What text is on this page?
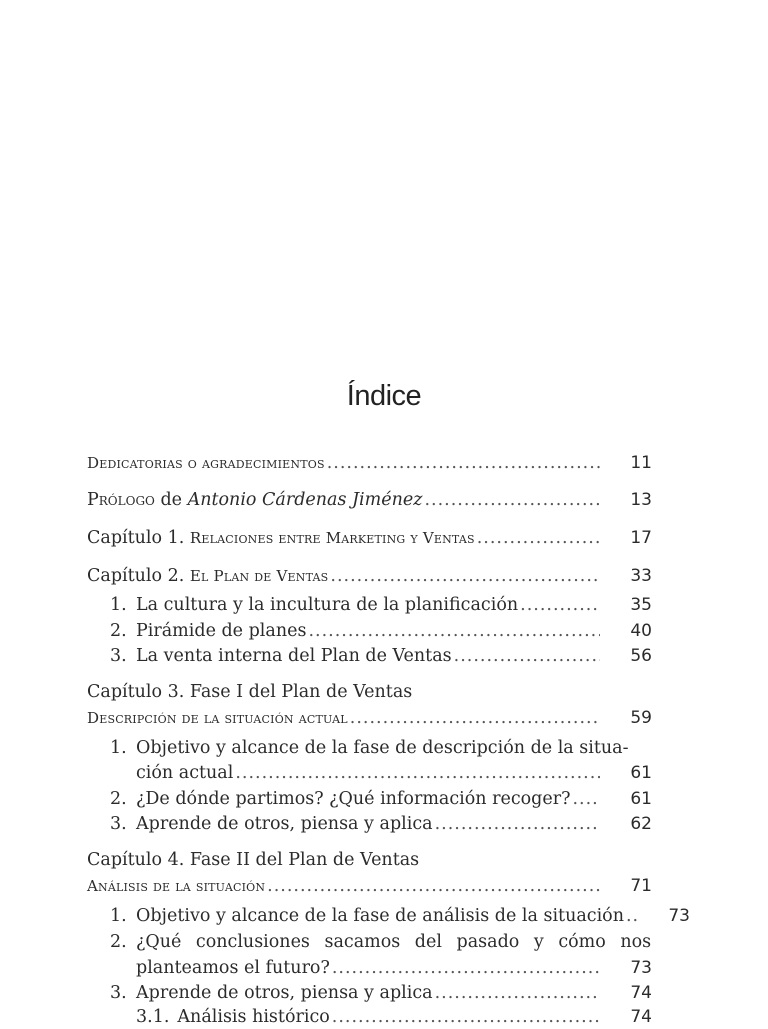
Índice
Dedicatorias o agradecimientos .....	11
Prólogo de Antonio Cárdenas Jiménez .....	13
Capítulo 1. Relaciones entre Marketing y Ventas .....	17
Capítulo 2. El Plan de Ventas .....	33
1. La cultura y la incultura de la planificación .....	35
2. Pirámide de planes .....	40
3. La venta interna del Plan de Ventas .....	56
Capítulo 3. Fase I del Plan de Ventas
Descripción de la situación actual .....	59
1. Objetivo y alcance de la fase de descripción de la situa-
ción actual .....	61
2. ¿De dónde partimos? ¿Qué información recoger? .....	61
3. Aprende de otros, piensa y aplica .....	62
Capítulo 4. Fase II del Plan de Ventas
Análisis de la situación .....	71
1. Objetivo y alcance de la fase de análisis de la situación .....	73
2. ¿Qué conclusiones sacamos del pasado y cómo nos
planteamos el futuro? .....	73
3. Aprende de otros, piensa y aplica .....	74
3.1. Análisis histórico .....	74
